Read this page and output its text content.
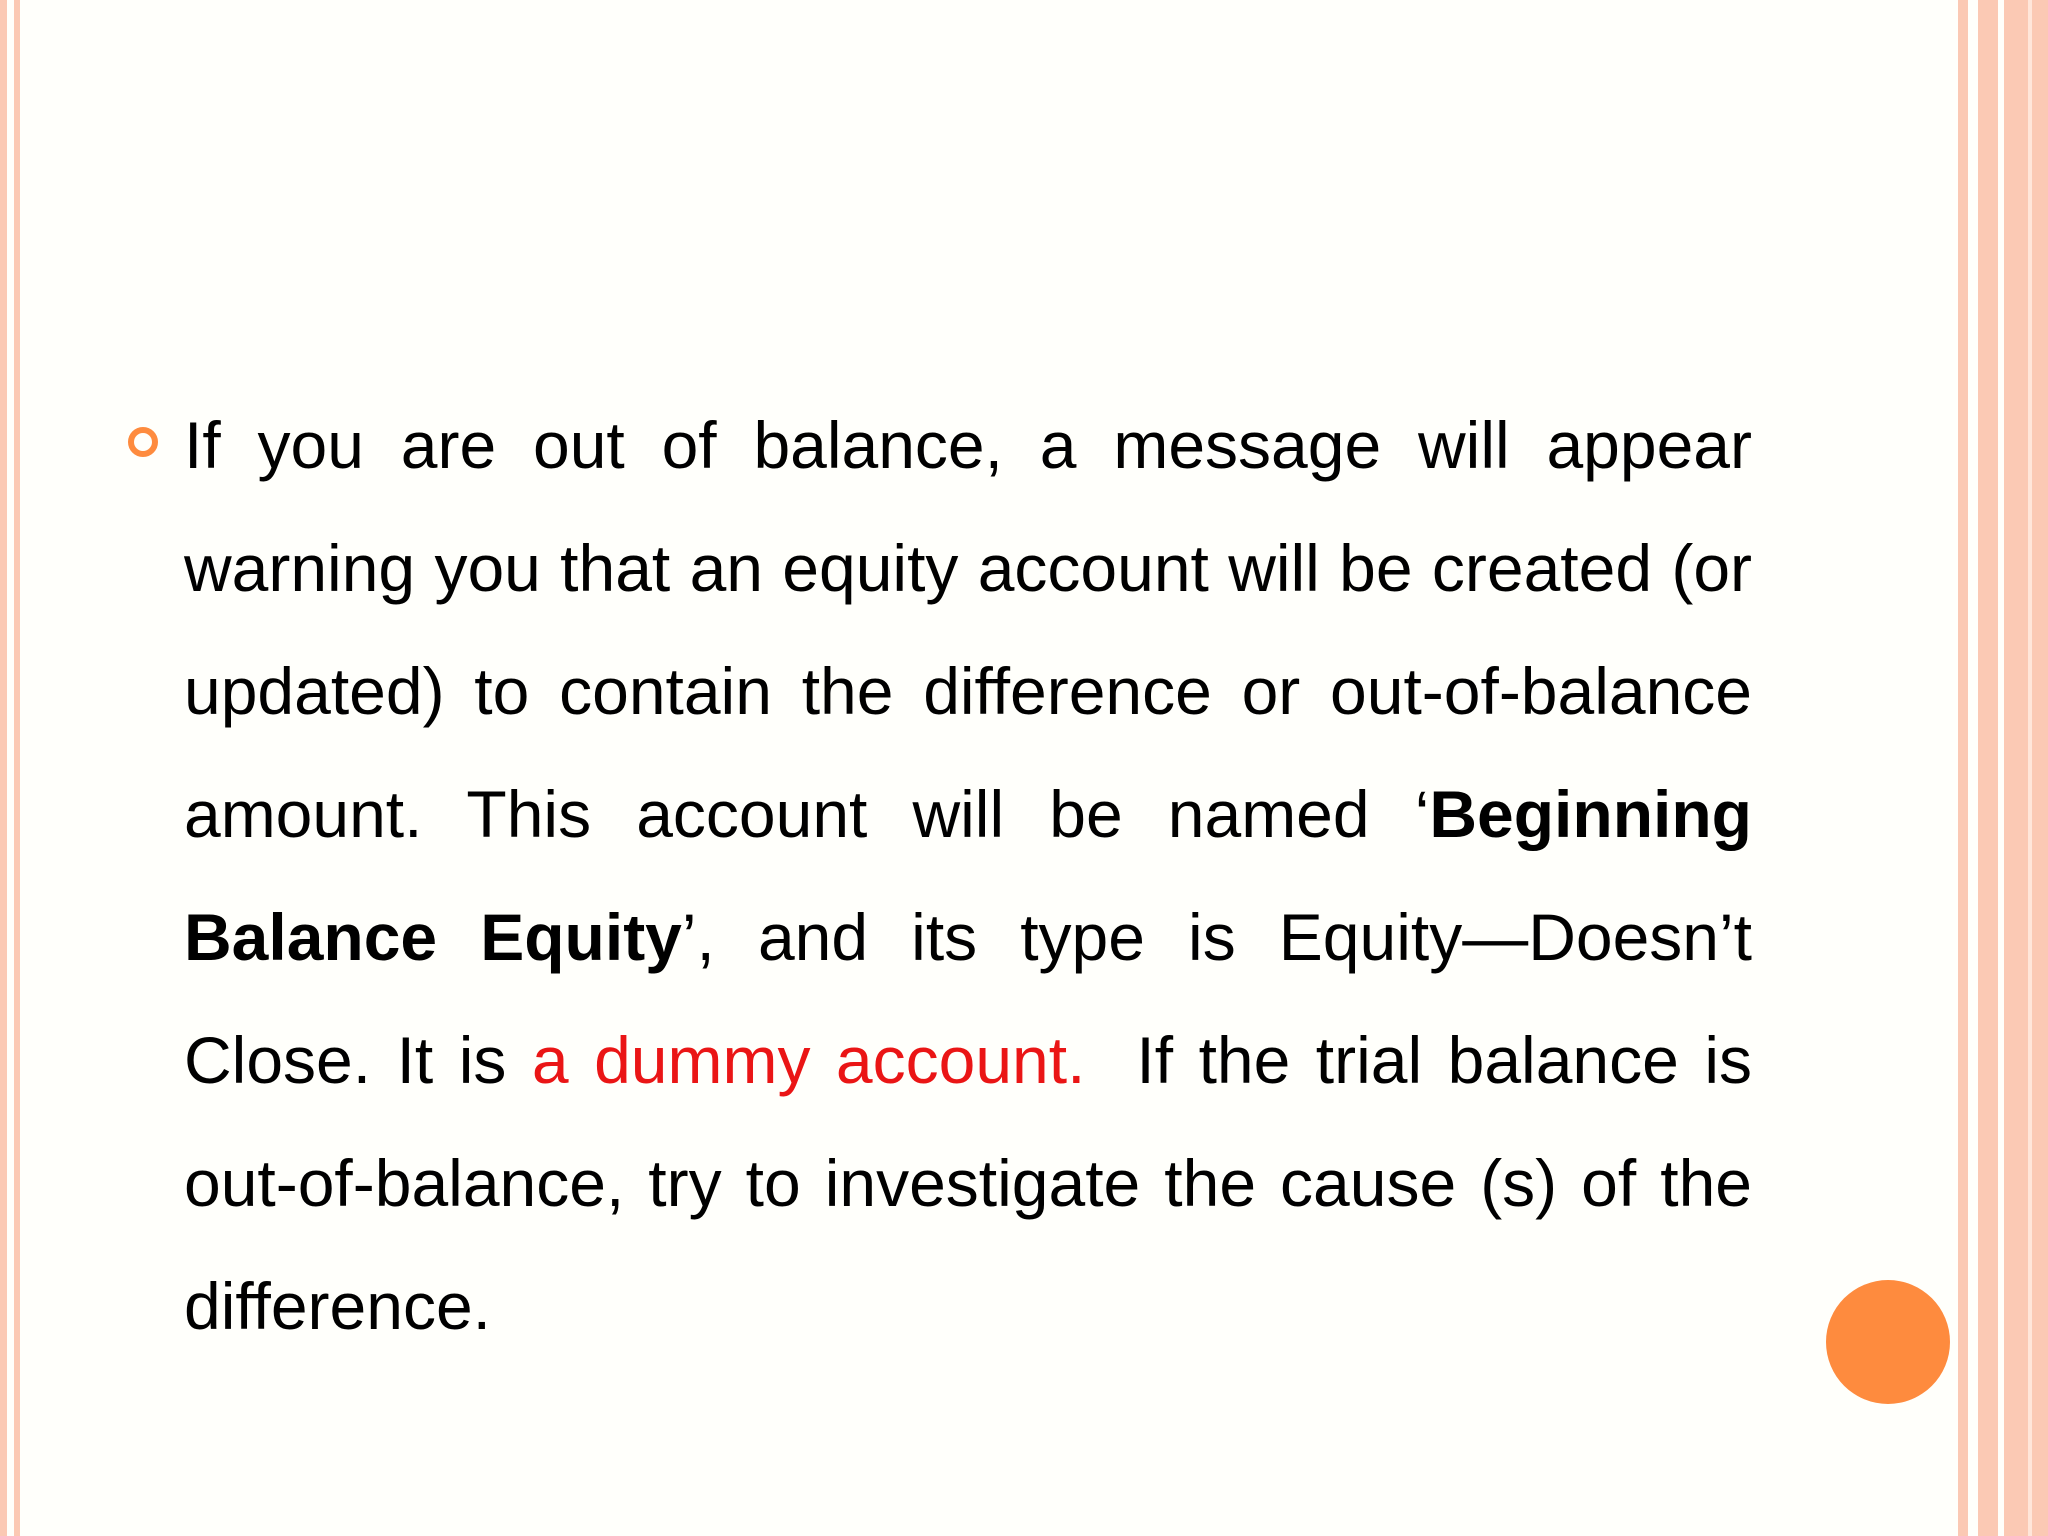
If you are out of balance, a message will appear warning you that an equity account will be created (or updated) to contain the difference or out-of-balance amount. This account will be named ‘Beginning Balance Equity’, and its type is Equity—Doesn’t Close. It is a dummy account.  If the trial balance is out-of-balance, try to investigate the cause (s) of the difference.
